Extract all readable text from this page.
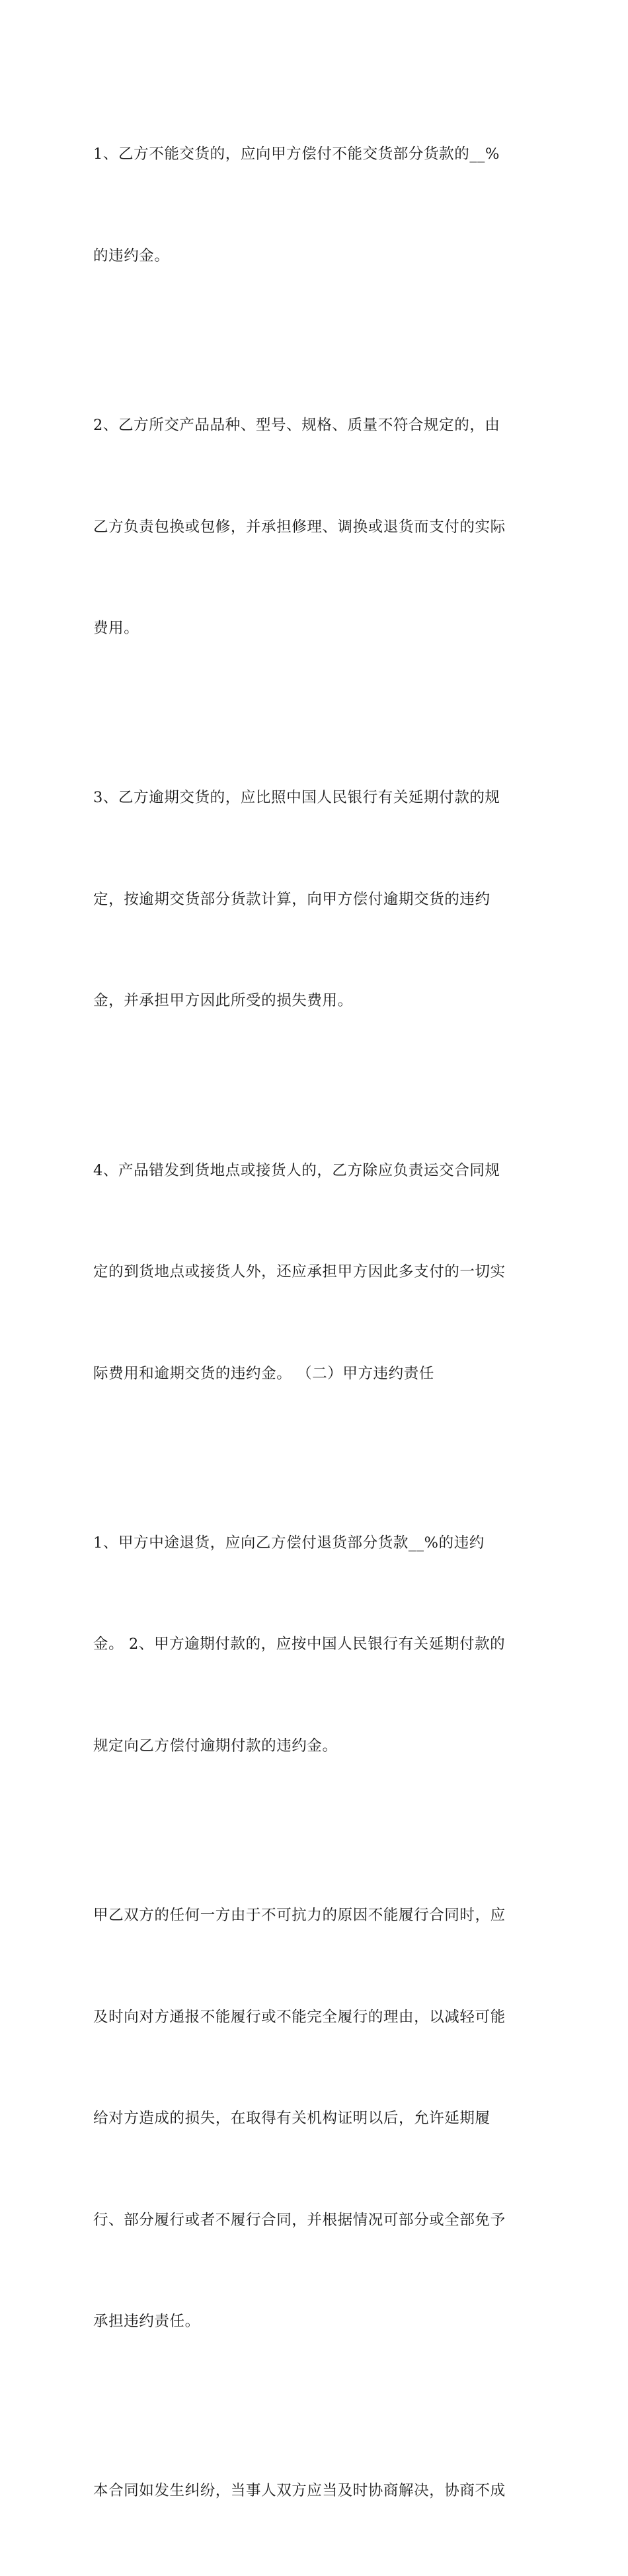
1、乙方不能交货的，应向甲方偿付不能交货部分货款的__%

的违约金。

2、乙方所交产品品种、型号、规格、质量不符合规定的，由

乙方负责包换或包修，并承担修理、调换或退货而支付的实际

费用。

3、乙方逾期交货的，应比照中国人民银行有关延期付款的规

定，按逾期交货部分货款计算，向甲方偿付逾期交货的违约

金，并承担甲方因此所受的损失费用。

4、产品错发到货地点或接货人的，乙方除应负责运交合同规

定的到货地点或接货人外，还应承担甲方因此多支付的一切实

际费用和逾期交货的违约金。 （二）甲方违约责任

1、甲方中途退货，应向乙方偿付退货部分货款__%的违约

金。 2、甲方逾期付款的，应按中国人民银行有关延期付款的

规定向乙方偿付逾期付款的违约金。

甲乙双方的任何一方由于不可抗力的原因不能履行合同时，应

及时向对方通报不能履行或不能完全履行的理由，以减轻可能

给对方造成的损失，在取得有关机构证明以后，允许延期履

行、部分履行或者不履行合同，并根据情况可部分或全部免予

承担违约责任。

本合同如发生纠纷，当事人双方应当及时协商解决，协商不成
